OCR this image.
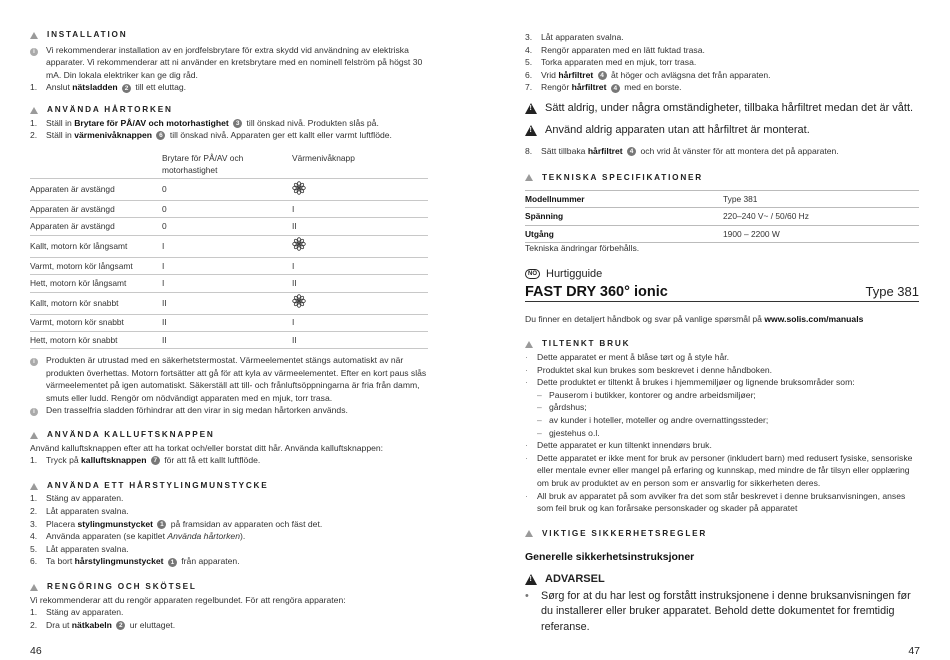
INSTALLATION
i	Vi rekommenderar installation av en jordfelsbrytare för extra skydd vid användning av elektriska apparater. Vi rekommenderar att ni använder en kretsbrytare med en nominell felström på högst 30 mA. Din lokala elektriker kan ge dig råd.
1.	Anslut nätsladden 2 till ett eluttag.
ANVÄNDA HÅRTORKEN
1.	Ställ in Brytare för PÅ/AV och motorhastighet 3 till önskad nivå. Produkten slås på.
2.	Ställ in värmenivåknappen 6 till önskad nivå. Apparaten ger ett kallt eller varmt luftflöde.
	Brytare för PÅ/AV och motorhastighet	Värmenivåknapp
Apparaten är avstängd	0	
Apparaten är avstängd	0	I
Apparaten är avstängd	0	II
Kallt, motorn kör långsamt	I	
Varmt, motorn kör långsamt	I	I
Hett, motorn kör långsamt	I	II
Kallt, motorn kör snabbt	II	
Varmt, motorn kör snabbt	II	I
Hett, motorn kör snabbt	II	II
i	Produkten är utrustad med en säkerhetstermostat. Värmeelementet stängs automatiskt av när produkten överhettas. Motorn fortsätter att gå för att kyla av värmeelementet. Efter en kort paus slås värmeelementet på igen automatiskt. Säkerställ att till- och frånluftsöppningarna är fria från damm, smuts eller ludd. Rengör om nödvändigt apparaten med en mjuk, torr trasa.
i	Den trasselfria sladden förhindrar att den virar in sig medan hårtorken används.
ANVÄNDA KALLUFTSKNAPPEN
Använd kalluftsknappen efter att ha torkat och/eller borstat ditt hår. Använda kalluftsknappen:
1.	Tryck på kalluftsknappen 7 för att få ett kallt luftflöde.
ANVÄNDA ETT HÅRSTYLINGMUNSTYCKE
1.	Stäng av apparaten.
2.	Låt apparaten svalna.
3.	Placera stylingmunstycket 1 på framsidan av apparaten och fäst det.
4.	Använda apparaten (se kapitlet Använda hårtorken).
5.	Låt apparaten svalna.
6.	Ta bort hårstylingmunstycket 1 från apparaten.
RENGÖRING OCH SKÖTSEL
Vi rekommenderar att du rengör apparaten regelbundet. För att rengöra apparaten:
1.	Stäng av apparaten.
2.	Dra ut nätkabeln 2 ur eluttaget.
46
3.	Låt apparaten svalna.
4.	Rengör apparaten med en lätt fuktad trasa.
5.	Torka apparaten med en mjuk, torr trasa.
6.	Vrid hårfiltret 4 åt höger och avlägsna det från apparaten.
7.	Rengör hårfiltret 4 med en borste.
! Sätt aldrig, under några omständigheter, tillbaka hårfiltret medan det är vått.
! Använd aldrig apparaten utan att hårfiltret är monterat.
8.	Sätt tillbaka hårfiltret 4 och vrid åt vänster för att montera det på apparaten.
TEKNISKA SPECIFIKATIONER
Modellnummer	Type 381
Spänning	220–240 V~ / 50/60 Hz
Utgång	1900 – 2200 W
Tekniska ändringar förbehålls.
NO Hurtigguide
FAST DRY 360° ionic	Type 381
Du finner en detaljert håndbok og svar på vanlige spørsmål på www.solis.com/manuals
TILTENKT BRUK
·	Dette apparatet er ment å blåse tørt og å style hår.
·	Produktet skal kun brukes som beskrevet i denne håndboken.
·	Dette produktet er tiltenkt å brukes i hjemmemiljøer og lignende bruksområder som:
– Pauserom i butikker, kontorer og andre arbeidsmiljøer;
– gårdshus;
– av kunder i hoteller, moteller og andre overnattingssteder;
– gjestehus o.l.
·	Dette apparatet er kun tiltenkt innendørs bruk.
·	Dette apparatet er ikke ment for bruk av personer (inkludert barn) med redusert fysiske, sensoriske eller mentale evner eller mangel på erfaring og kunnskap, med mindre de får tilsyn eller opplæring om bruk av produktet av en person som er ansvarlig for sikkerheten deres.
·	All bruk av apparatet på som avviker fra det som står beskrevet i denne bruksanvisningen, anses som feil bruk og kan forårsake personskader og skader på apparatet
VIKTIGE SIKKERHETSREGLER
Generelle sikkerhetsinstruksjoner
! ADVARSEL
•	Sørg for at du har lest og forstått instruksjonene i denne bruksanvisningen før du installerer eller bruker apparatet. Behold dette dokumentet for fremtidig referanse.
47
